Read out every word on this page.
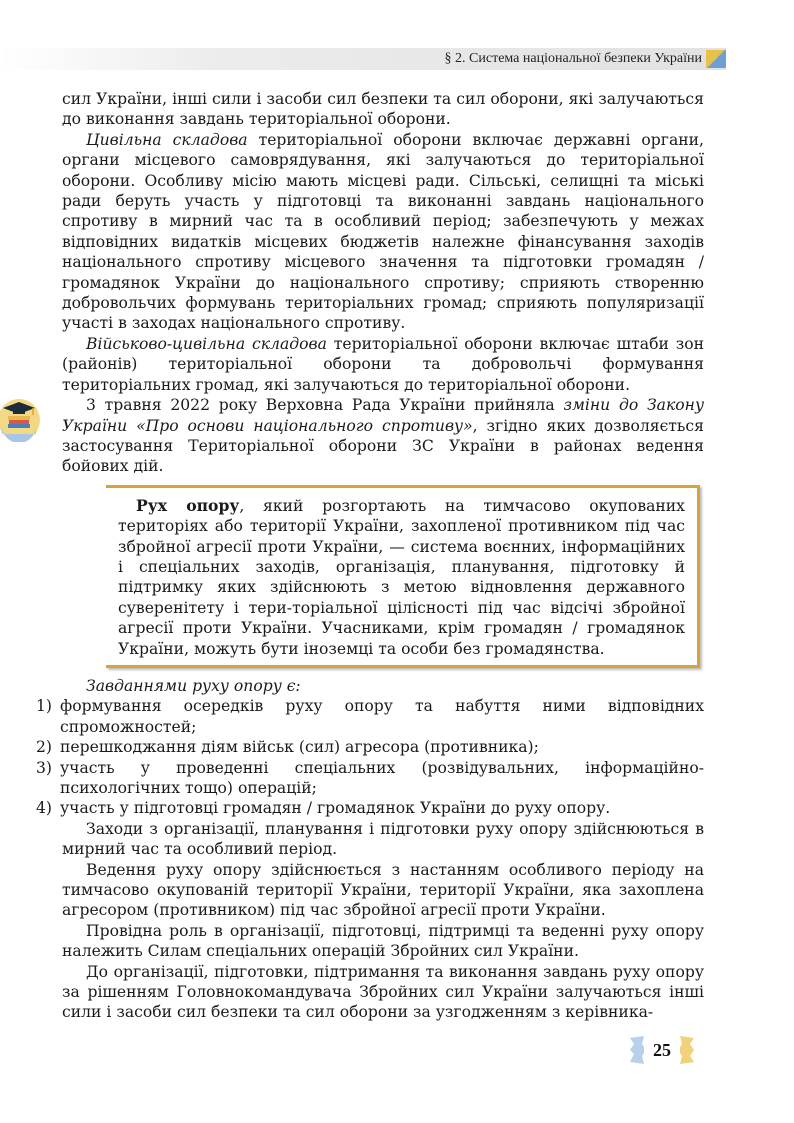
§ 2. Система національної безпеки України

сил України, інші сили і засоби сил безпеки та сил оборони, які залучаються до виконання завдань територіальної оборони.

Цивільна складова територіальної оборони включає державні органи, органи місцевого самоврядування, які залучаються до територіальної оборони. Особливу місію мають місцеві ради. Сільські, селищні та міські ради беруть участь у підготовці та виконанні завдань національного спротиву в мирний час та в особливий період; забезпечують у межах відповідних видатків місцевих бюджетів належне фінансування заходів національного спротиву місцевого значення та підготовки громадян / громадянок України до національного спротиву; сприяють створенню добровольчих формувань територіальних громад; сприяють популяризації участі в заходах національного спротиву.

Військово-цивільна складова територіальної оборони включає штаби зон (районів) територіальної оборони та добровольчі формування територіальних громад, які залучаються до територіальної оборони.

3 травня 2022 року Верховна Рада України прийняла зміни до Закону України «Про основи національного спротиву», згідно яких дозволяється застосування Територіальної оборони ЗС України в районах ведення бойових дій.

Рух опору, який розгортають на тимчасово окупованих територіях або території України, захопленої противником під час збройної агресії проти України, — система воєнних, інформаційних і спеціальних заходів, організація, планування, підготовку й підтримку яких здійснюють з метою відновлення державного суверенітету і тери-торіальної цілісності під час відсічі збройної агресії проти України. Учасниками, крім громадян / громадянок України, можуть бути іноземці та особи без громадянства.

Завданнями руху опору є:

1) формування осередків руху опору та набуття ними відповідних спроможностей;
2) перешкоджання діям військ (сил) агресора (противника);
3) участь у проведенні спеціальних (розвідувальних, інформаційно-психологічних тощо) операцій;
4) участь у підготовці громадян / громадянок України до руху опору.

Заходи з організації, планування і підготовки руху опору здійснюються в мирний час та особливий період.

Ведення руху опору здійснюється з настанням особливого періоду на тимчасово окупованій території України, території України, яка захоплена агресором (противником) під час збройної агресії проти України.

Провідна роль в організації, підготовці, підтримці та веденні руху опору належить Силам спеціальних операцій Збройних сил України.

До організації, підготовки, підтримання та виконання завдань руху опору за рішенням Головнокомандувача Збройних сил України залучаються інші сили і засоби сил безпеки та сил оборони за узгодженням з керівника-

25
